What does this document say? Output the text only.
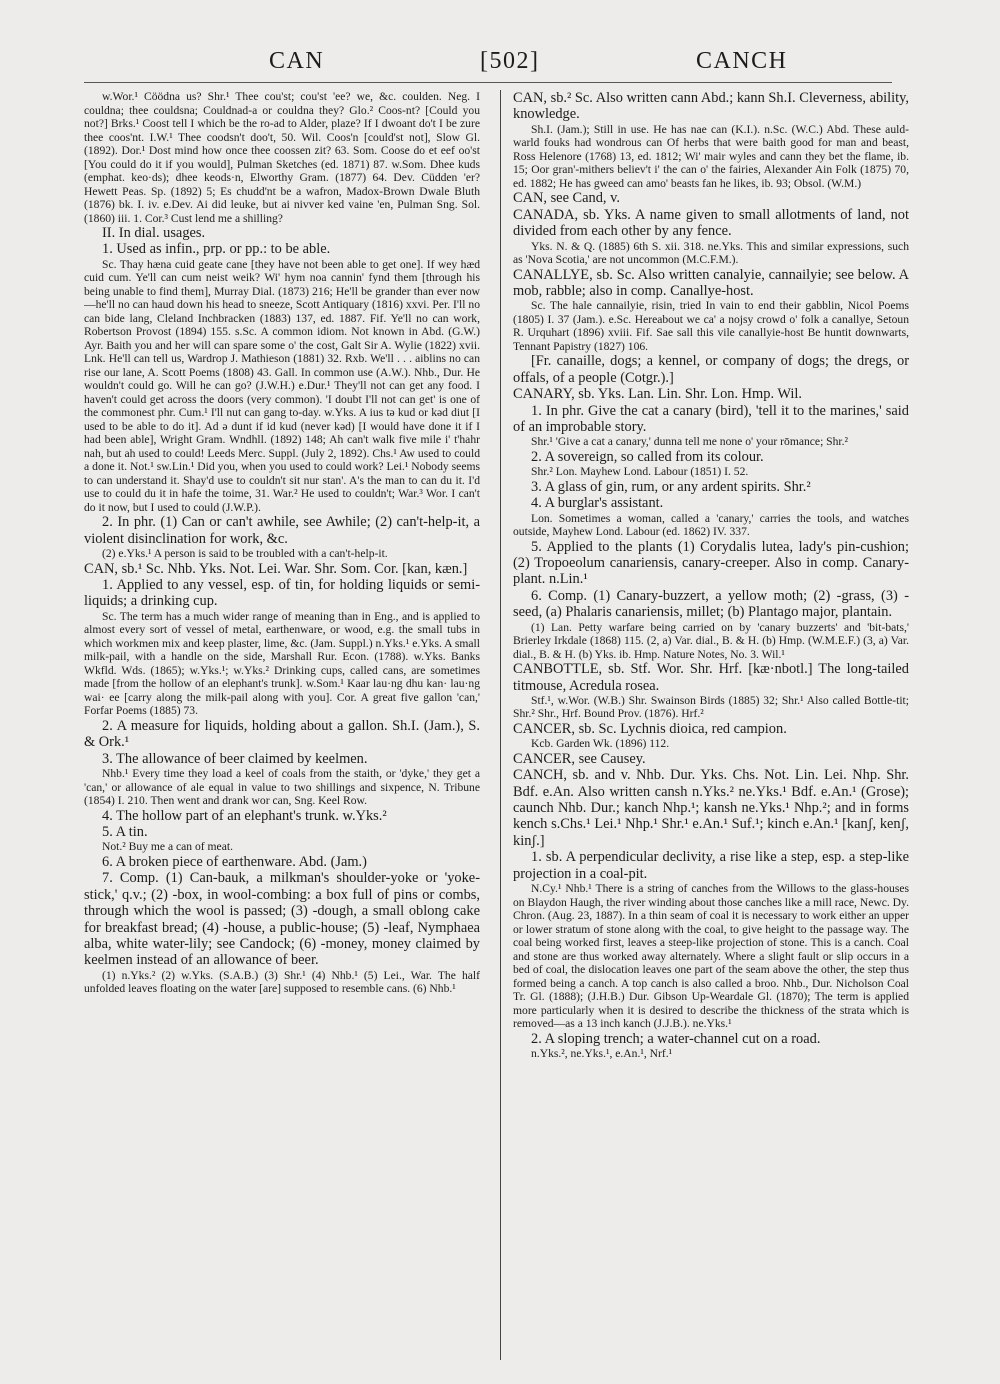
CAN	[502]	CANCH

w.Wor.¹ Cöödna us? Shr.¹ Thee cou'st; cou'st 'ee? we, &c. coulden. Neg. I couldna; thee couldsna; Couldnad-a or couldna they? Glo.² Coos-nt? [Could you not?] Brks.¹ Coost tell I which be the ro-ad to Alder, plaze? If I dwoant do't I be zure thee coos'nt. I.W.¹ Thee coodsn't doo't, 50. Wil. Coos'n [could'st not], Slow Gl. (1892). Dor.¹ Dost mind how once thee coossen zit? 63. Som. Coose do et eef oo'st [You could do it if you would], Pulman Sketches (ed. 1871) 87. w.Som. Dhee kuds (emphat. keo·ds); dhee keods·n, Elworthy Gram. (1877) 64. Dev. Cüdden 'er? Hewett Peas. Sp. (1892) 5; Es chudd'nt be a wafron, Madox-Brown Dwale Bluth (1876) bk. I. iv. e.Dev. Ai did leuke, but ai nivver ked vaine 'en, Pulman Sng. Sol. (1860) iii. 1. Cor.³ Cust lend me a shilling?

II. In dial. usages.

1. Used as infin., prp. or pp.: to be able.

Sc. Thay hæna cuid geate cane [they have not been able to get one]. If wey hæd cuid cum. Ye'll can cum neist weik? Wi' hym noa cannin' fynd them [through his being unable to find them], Murray Dial. (1873) 216; He'll be grander than ever now—he'll no can haud down his head to sneeze, Scott Antiquary (1816) xxvi. Per. I'll no can bide lang, Cleland Inchbracken (1883) 137, ed. 1887. Fif. Ye'll no can work, Robertson Provost (1894) 155. s.Sc. A common idiom. Not known in Abd. (G.W.) Ayr. Baith you and her will can spare some o' the cost, Galt Sir A. Wylie (1822) xvii. Lnk. He'll can tell us, Wardrop J. Mathieson (1881) 32. Rxb. We'll . . . aiblins no can rise our lane, A. Scott Poems (1808) 43. Gall. In common use (A.W.). Nhb., Dur. He wouldn't could go. Will he can go? (J.W.H.) e.Dur.¹ They'll not can get any food. I haven't could get across the doors (very common). 'I doubt I'll not can get' is one of the commonest phr. Cum.¹ I'll nut can gang to-day. w.Yks. A ius tə kud or kəd diut [I used to be able to do it]. Ad ə dunt if id kud (never kəd) [I would have done it if I had been able], Wright Gram. Wndhll. (1892) 148; Ah can't walk five mile i' t'hahr nah, but ah used to could! Leeds Merc. Suppl. (July 2, 1892). Chs.¹ Aw used to could a done it. Not.¹ sw.Lin.¹ Did you, when you used to could work? Lei.¹ Nobody seems to can understand it. Shay'd use to couldn't sit nur stan'. A's the man to can du it. I'd use to could du it in hafe the toime, 31. War.² He used to couldn't; War.³ Wor. I can't do it now, but I used to could (J.W.P.).

2. In phr. (1) Can or can't awhile, see Awhile; (2) can't-help-it, a violent disinclination for work, &c.

(2) e.Yks.¹ A person is said to be troubled with a can't-help-it.

CAN, sb.¹ Sc. Nhb. Yks. Not. Lei. War. Shr. Som. Cor. [kan, kæn.]

1. Applied to any vessel, esp. of tin, for holding liquids or semi-liquids; a drinking cup.

Sc. The term has a much wider range of meaning than in Eng., and is applied to almost every sort of vessel of metal, earthenware, or wood, e.g. the small tubs in which workmen mix and keep plaster, lime, &c. (Jam. Suppl.) n.Yks.¹ e.Yks. A small milk-pail, with a handle on the side, Marshall Rur. Econ. (1788). w.Yks. Banks Wkfld. Wds. (1865); w.Yks.¹; w.Yks.² Drinking cups, called cans, are sometimes made [from the hollow of an elephant's trunk]. w.Som.¹ Kaar lau·ng dhu kan· lau·ng wai· ee [carry along the milk-pail along with you]. Cor. A great five gallon 'can,' Forfar Poems (1885) 73.

2. A measure for liquids, holding about a gallon. Sh.I. (Jam.), S. & Ork.¹

3. The allowance of beer claimed by keelmen.

Nhb.¹ Every time they load a keel of coals from the staith, or 'dyke,' they get a 'can,' or allowance of ale equal in value to two shillings and sixpence, N. Tribune (1854) I. 210. Then went and drank wor can, Sng. Keel Row.

4. The hollow part of an elephant's trunk. w.Yks.²

5. A tin.

Not.² Buy me a can of meat.

6. A broken piece of earthenware. Abd. (Jam.)

7. Comp. (1) Can-bauk, a milkman's shoulder-yoke or 'yoke-stick,' q.v.; (2) -box, in wool-combing: a box full of pins or combs, through which the wool is passed; (3) -dough, a small oblong cake for breakfast bread; (4) -house, a public-house; (5) -leaf, Nymphaea alba, white water-lily; see Candock; (6) -money, money claimed by keelmen instead of an allowance of beer.

(1) n.Yks.² (2) w.Yks. (S.A.B.) (3) Shr.¹ (4) Nhb.¹ (5) Lei., War. The half unfolded leaves floating on the water [are] supposed to resemble cans. (6) Nhb.¹

CAN, sb.² Sc. Also written cann Abd.; kann Sh.I. Cleverness, ability, knowledge.

Sh.I. (Jam.); Still in use. He has nae can (K.I.). n.Sc. (W.C.) Abd. These auld-warld fouks had wondrous can Of herbs that were baith good for man and beast, Ross Helenore (1768) 13, ed. 1812; Wi' mair wyles and cann they bet the flame, ib. 15; Oor gran'-mithers believ't i' the can o' the fairies, Alexander Ain Folk (1875) 70, ed. 1882; He has gweed can amo' beasts fan he likes, ib. 93; Obsol. (W.M.)

CAN, see Cand, v.

CANADA, sb. Yks. A name given to small allotments of land, not divided from each other by any fence.

Yks. N. & Q. (1885) 6th S. xii. 318. ne.Yks. This and similar expressions, such as 'Nova Scotia,' are not uncommon (M.C.F.M.).

CANALLYE, sb. Sc. Also written canalyie, cannailyie; see below. A mob, rabble; also in comp. Canallye-host.

Sc. The hale cannailyie, risin, tried In vain to end their gabblin, Nicol Poems (1805) I. 37 (Jam.). e.Sc. Hereabout we ca' a nojsy crowd o' folk a canallye, Setoun R. Urquhart (1896) xviii. Fif. Sae sall this vile canallyie-host Be huntit downwarts, Tennant Papistry (1827) 106.

[Fr. canaille, dogs; a kennel, or company of dogs; the dregs, or offals, of a people (Cotgr.).]

CANARY, sb. Yks. Lan. Lin. Shr. Lon. Hmp. Wil.

1. In phr. Give the cat a canary (bird), 'tell it to the marines,' said of an improbable story.

Shr.¹ 'Give a cat a canary,' dunna tell me none o' your rōmance; Shr.²

2. A sovereign, so called from its colour.

Shr.² Lon. Mayhew Lond. Labour (1851) I. 52.

3. A glass of gin, rum, or any ardent spirits. Shr.²

4. A burglar's assistant.

Lon. Sometimes a woman, called a 'canary,' carries the tools, and watches outside, Mayhew Lond. Labour (ed. 1862) IV. 337.

5. Applied to the plants (1) Corydalis lutea, lady's pin-cushion; (2) Tropoeolum canariensis, canary-creeper. Also in comp. Canary-plant. n.Lin.¹

6. Comp. (1) Canary-buzzert, a yellow moth; (2) -grass, (3) -seed, (a) Phalaris canariensis, millet; (b) Plantago major, plantain.

(1) Lan. Petty warfare being carried on by 'canary buzzerts' and 'bit-bats,' Brierley Irkdale (1868) 115. (2, a) Var. dial., B. & H. (b) Hmp. (W.M.E.F.) (3, a) Var. dial., B. & H. (b) Yks. ib. Hmp. Nature Notes, No. 3. Wil.¹

CANBOTTLE, sb. Stf. Wor. Shr. Hrf. [kæ·nbotl.] The long-tailed titmouse, Acredula rosea.

Stf.¹, w.Wor. (W.B.) Shr. Swainson Birds (1885) 32; Shr.¹ Also called Bottle-tit; Shr.² Shr., Hrf. Bound Prov. (1876). Hrf.²

CANCER, sb. Sc. Lychnis dioica, red campion.

Kcb. Garden Wk. (1896) 112.

CANCER, see Causey.

CANCH, sb. and v. Nhb. Dur. Yks. Chs. Not. Lin. Lei. Nhp. Shr. Bdf. e.An. Also written cansh n.Yks.² ne.Yks.¹ Bdf. e.An.¹ (Grose); caunch Nhb. Dur.; kanch Nhp.¹; kansh ne.Yks.¹ Nhp.²; and in forms kench s.Chs.¹ Lei.¹ Nhp.¹ Shr.¹ e.An.¹ Suf.¹; kinch e.An.¹ [kanʃ, kenʃ, kinʃ.]

1. sb. A perpendicular declivity, a rise like a step, esp. a step-like projection in a coal-pit.

N.Cy.¹ Nhb.¹ There is a string of canches from the Willows to the glass-houses on Blaydon Haugh, the river winding about those canches like a mill race, Newc. Dy. Chron. (Aug. 23, 1887). In a thin seam of coal it is necessary to work either an upper or lower stratum of stone along with the coal, to give height to the passage way. The coal being worked first, leaves a steep-like projection of stone. This is a canch. Coal and stone are thus worked away alternately. Where a slight fault or slip occurs in a bed of coal, the dislocation leaves one part of the seam above the other, the step thus formed being a canch. A top canch is also called a broo. Nhb., Dur. Nicholson Coal Tr. Gl. (1888); (J.H.B.) Dur. Gibson Up-Weardale Gl. (1870); The term is applied more particularly when it is desired to describe the thickness of the strata which is removed—as a 13 inch kanch (J.J.B.). ne.Yks.¹

2. A sloping trench; a water-channel cut on a road.

n.Yks.², ne.Yks.¹, e.An.¹, Nrf.¹
